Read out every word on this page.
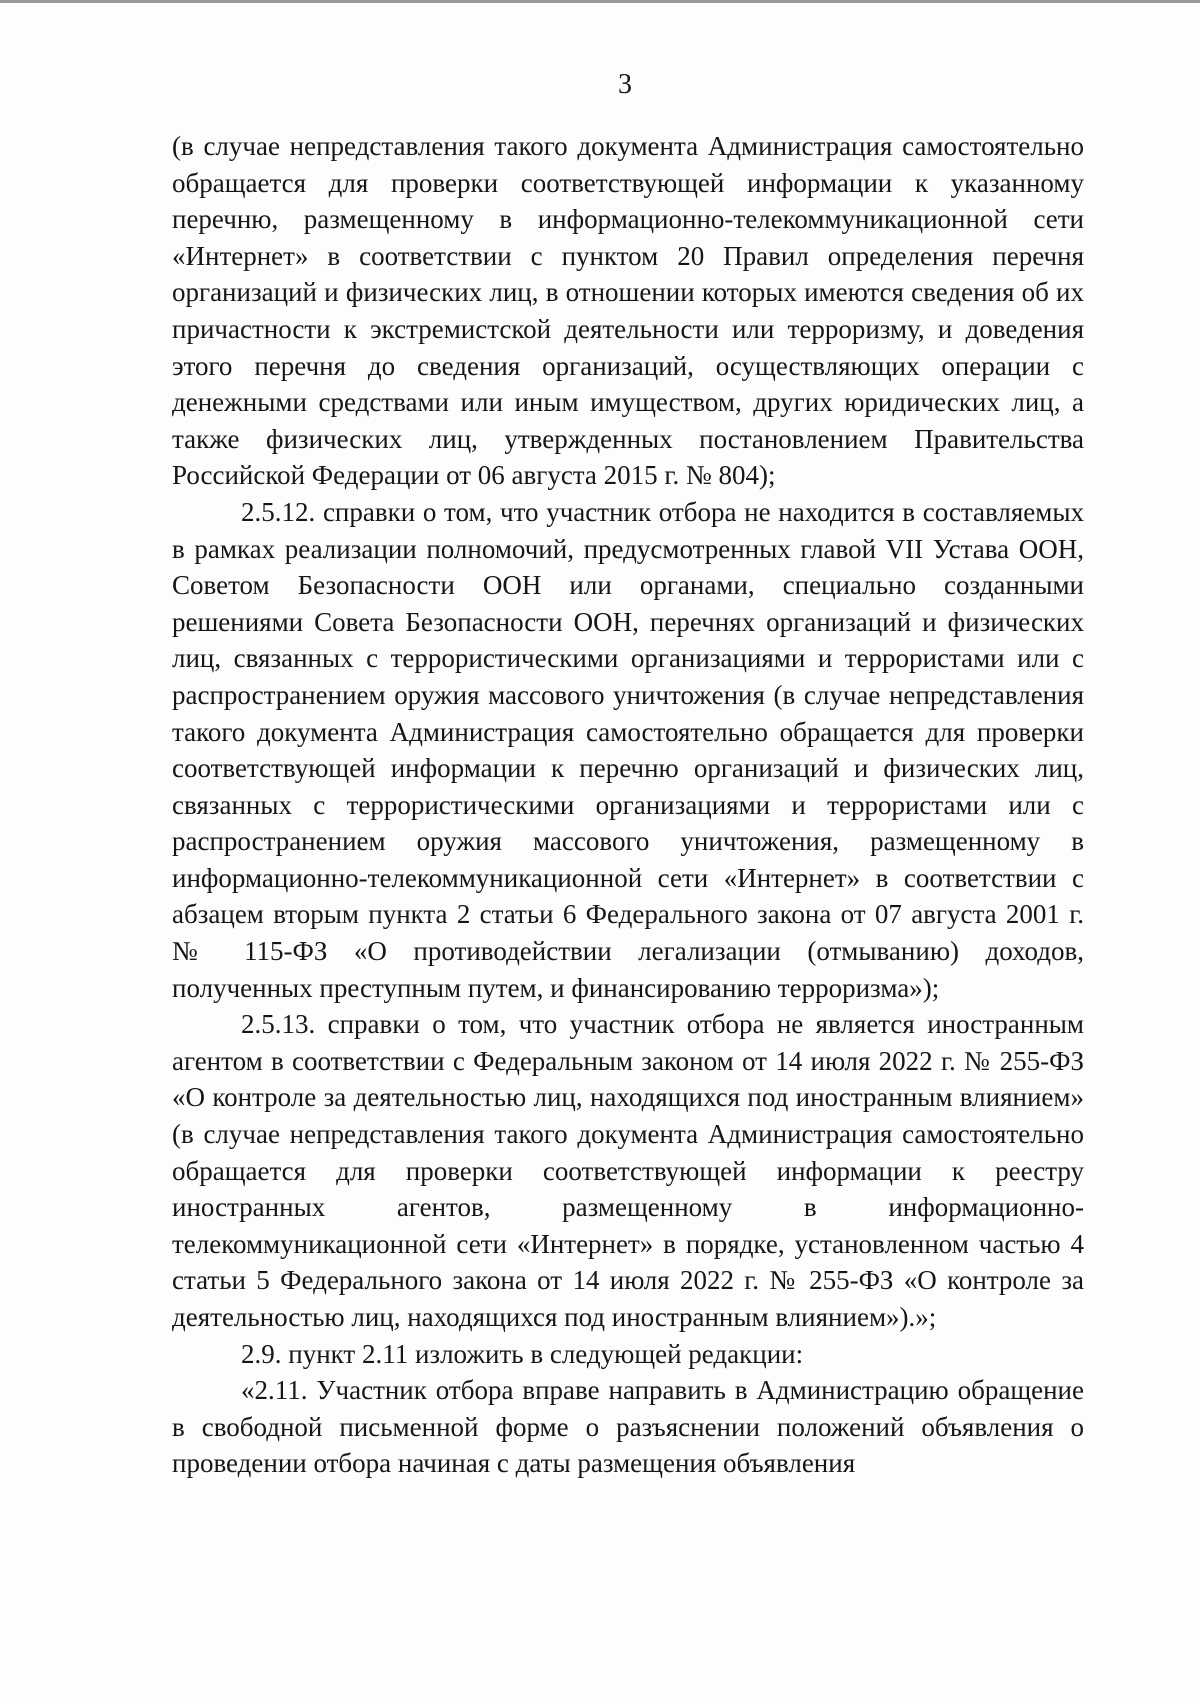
3

(в случае непредставления такого документа Администрация самостоятельно обращается для проверки соответствующей информации к указанному перечню, размещенному в информационно-телекоммуникационной сети «Интернет» в соответствии с пунктом 20 Правил определения перечня организаций и физических лиц, в отношении которых имеются сведения об их причастности к экстремистской деятельности или терроризму, и доведения этого перечня до сведения организаций, осуществляющих операции с денежными средствами или иным имуществом, других юридических лиц, а также физических лиц, утвержденных постановлением Правительства Российской Федерации от 06 августа 2015 г. № 804);

2.5.12. справки о том, что участник отбора не находится в составляемых в рамках реализации полномочий, предусмотренных главой VII Устава ООН, Советом Безопасности ООН или органами, специально созданными решениями Совета Безопасности ООН, перечнях организаций и физических лиц, связанных с террористическими организациями и террористами или с распространением оружия массового уничтожения (в случае непредставления такого документа Администрация самостоятельно обращается для проверки соответствующей информации к перечню организаций и физических лиц, связанных с террористическими организациями и террористами или с распространением оружия массового уничтожения, размещенному в информационно-телекоммуникационной сети «Интернет» в соответствии с абзацем вторым пункта 2 статьи 6 Федерального закона от 07 августа 2001 г. № 115-ФЗ «О противодействии легализации (отмыванию) доходов, полученных преступным путем, и финансированию терроризма»);

2.5.13. справки о том, что участник отбора не является иностранным агентом в соответствии с Федеральным законом от 14 июля 2022 г. № 255-ФЗ «О контроле за деятельностью лиц, находящихся под иностранным влиянием» (в случае непредставления такого документа Администрация самостоятельно обращается для проверки соответствующей информации к реестру иностранных агентов, размещенному в информационно-телекоммуникационной сети «Интернет» в порядке, установленном частью 4 статьи 5 Федерального закона от 14 июля 2022 г. № 255-ФЗ «О контроле за деятельностью лиц, находящихся под иностранным влиянием»).»;

2.9. пункт 2.11 изложить в следующей редакции:

«2.11. Участник отбора вправе направить в Администрацию обращение в свободной письменной форме о разъяснении положений объявления о проведении отбора начиная с даты размещения объявления
